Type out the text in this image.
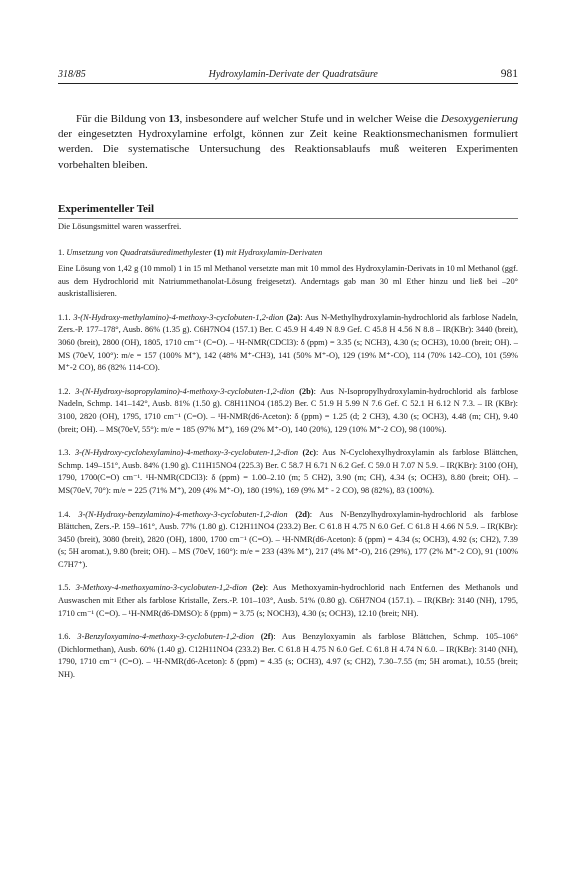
318/85	Hydroxylamin-Derivate der Quadratsäure	981

Für die Bildung von 13, insbesondere auf welcher Stufe und in welcher Weise die Desoxygenierung der eingesetzten Hydroxylamine erfolgt, können zur Zeit keine Reaktionsmechanismen formuliert werden. Die systematische Untersuchung des Reaktionsablaufs muß weiteren Experimenten vorbehalten bleiben.

Experimenteller Teil

Die Lösungsmittel waren wasserfrei.

1. Umsetzung von Quadratsäuredimethylester (1) mit Hydroxylamin-Derivaten

Eine Lösung von 1,42 g (10 mmol) 1 in 15 ml Methanol versetzte man mit 10 mmol des Hydroxylamin-Derivats in 10 ml Methanol (ggf. aus dem Hydrochlorid mit Natriummethanolat-Lösung freigesetzt). Anderntags gab man 30 ml Ether hinzu und ließ bei –20° auskristallisieren.

1.1. 3-(N-Hydroxy-methylamino)-4-methoxy-3-cyclobuten-1,2-dion (2a): Aus N-Methylhydroxylamin-hydrochlorid als farblose Nadeln, Zers.-P. 177–178°, Ausb. 86% (1.35 g). C6H7NO4 (157.1) Ber. C 45.9 H 4.49 N 8.9 Gef. C 45.8 H 4.56 N 8.8 – IR(KBr): 3440 (breit), 3060 (breit), 2800 (OH), 1805, 1710 cm⁻¹ (C=O). – ¹H-NMR(CDCl3): δ (ppm) = 3.35 (s; NCH3), 4.30 (s; OCH3), 10.00 (breit; OH). – MS (70eV, 100°): m/e = 157 (100% M⁺), 142 (48% M⁺-CH3), 141 (50% M⁺-O), 129 (19% M⁺-CO), 114 (70% 142–CO), 101 (59% M⁺-2 CO), 86 (82% 114-CO).

1.2. 3-(N-Hydroxy-isopropylamino)-4-methoxy-3-cyclobuten-1,2-dion (2b): Aus N-Isopropylhydroxylamin-hydrochlorid als farblose Nadeln, Schmp. 141–142°, Ausb. 81% (1.50 g). C8H11NO4 (185.2) Ber. C 51.9 H 5.99 N 7.6 Gef. C 52.1 H 6.12 N 7.3. – IR (KBr): 3100, 2820 (OH), 1795, 1710 cm⁻¹ (C=O). – ¹H-NMR(d6-Aceton): δ (ppm) = 1.25 (d; 2 CH3), 4.30 (s; OCH3), 4.48 (m; CH), 9.40 (breit; OH). – MS(70eV, 55°): m/e = 185 (97% M⁺), 169 (2% M⁺-O), 140 (20%), 129 (10% M⁺-2 CO), 98 (100%).

1.3. 3-(N-Hydroxy-cyclohexylamino)-4-methoxy-3-cyclobuten-1,2-dion (2c): Aus N-Cyclohexylhydroxylamin als farblose Blättchen, Schmp. 149–151°, Ausb. 84% (1.90 g). C11H15NO4 (225.3) Ber. C 58.7 H 6.71 N 6.2 Gef. C 59.0 H 7.07 N 5.9. – IR(KBr): 3100 (OH), 1790, 1700(C=O) cm⁻¹. ¹H-NMR(CDCl3): δ (ppm) = 1.00–2.10 (m; 5 CH2), 3.90 (m; CH), 4.34 (s; OCH3), 8.80 (breit; OH). – MS(70eV, 70°): m/e = 225 (71% M⁺), 209 (4% M⁺-O), 180 (19%), 169 (9% M⁺ - 2 CO), 98 (82%), 83 (100%).

1.4. 3-(N-Hydroxy-benzylamino)-4-methoxy-3-cyclobuten-1,2-dion (2d): Aus N-Benzylhydroxylamin-hydrochlorid als farblose Blättchen, Zers.-P. 159–161°, Ausb. 77% (1.80 g). C12H11NO4 (233.2) Ber. C 61.8 H 4.75 N 6.0 Gef. C 61.8 H 4.66 N 5.9. – IR(KBr): 3450 (breit), 3080 (breit), 2820 (OH), 1800, 1700 cm⁻¹ (C=O). – ¹H-NMR(d6-Aceton): δ (ppm) = 4.34 (s; OCH3), 4.92 (s; CH2), 7.39 (s; 5H aromat.), 9.80 (breit; OH). – MS (70eV, 160°): m/e = 233 (43% M⁺), 217 (4% M⁺-O), 216 (29%), 177 (2% M⁺-2 CO), 91 (100% C7H7⁺).

1.5. 3-Methoxy-4-methoxyamino-3-cyclobuten-1,2-dion (2e): Aus Methoxyamin-hydrochlorid nach Entfernen des Methanols und Auswaschen mit Ether als farblose Kristalle, Zers.-P. 101–103°, Ausb. 51% (0.80 g). C6H7NO4 (157.1). – IR(KBr): 3140 (NH), 1795, 1710 cm⁻¹ (C=O). – ¹H-NMR(d6-DMSO): δ (ppm) = 3.75 (s; NOCH3), 4.30 (s; OCH3), 12.10 (breit; NH).

1.6. 3-Benzyloxyamino-4-methoxy-3-cyclobuten-1,2-dion (2f): Aus Benzyloxyamin als farblose Blättchen, Schmp. 105–106° (Dichlormethan), Ausb. 60% (1.40 g). C12H11NO4 (233.2) Ber. C 61.8 H 4.75 N 6.0 Gef. C 61.8 H 4.74 N 6.0. – IR(KBr): 3140 (NH), 1790, 1710 cm⁻¹ (C=O). – ¹H-NMR(d6-Aceton): δ (ppm) = 4.35 (s; OCH3), 4.97 (s; CH2), 7.30–7.55 (m; 5H aromat.), 10.55 (breit; NH).
